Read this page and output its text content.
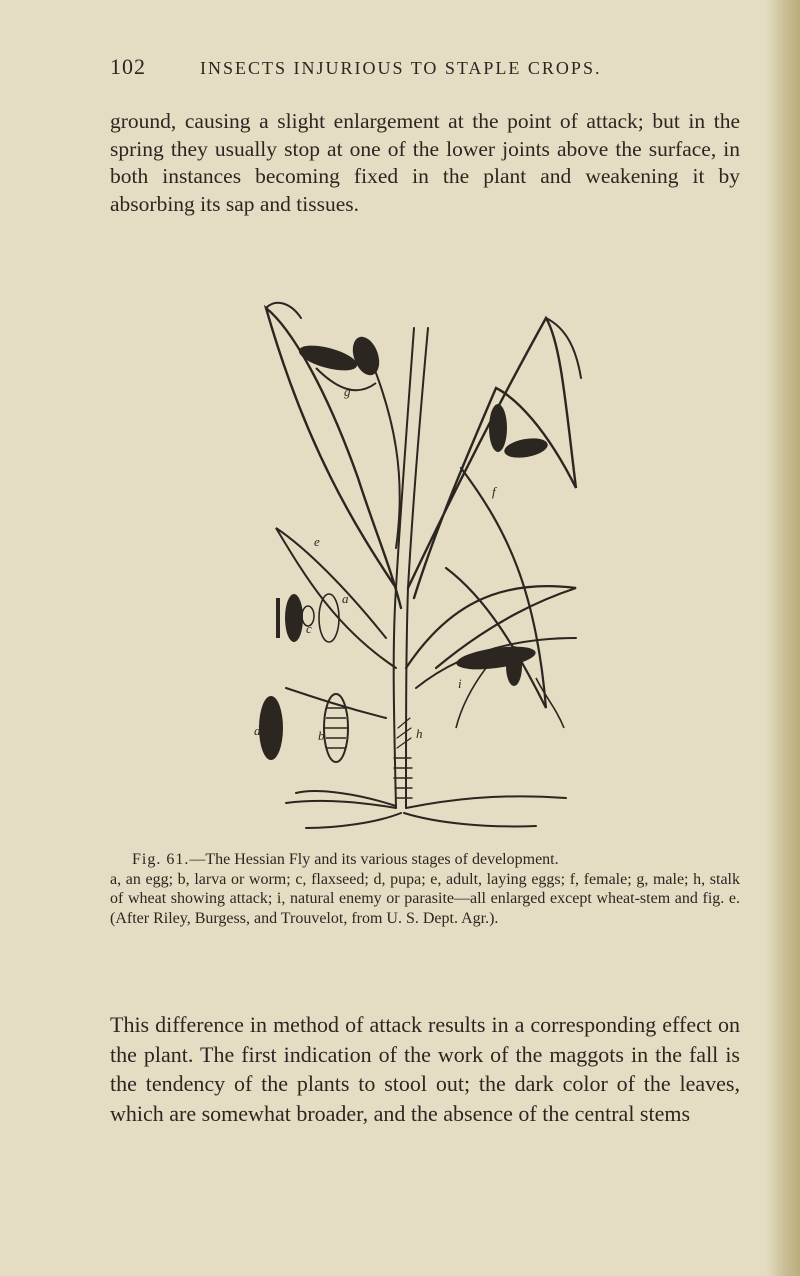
102	INSECTS INJURIOUS TO STAPLE CROPS.

ground, causing a slight enlargement at the point of attack; but in the spring they usually stop at one of the lower joints above the surface, in both instances becoming fixed in the plant and weakening it by absorbing its sap and tissues.

g
f
e
c
a
d	b
i
h

Fig. 61.—The Hessian Fly and its various stages of development.
a, an egg; b, larva or worm; c, flaxseed; d, pupa; e, adult, laying eggs; f, female; g, male; h, stalk of wheat showing attack; i, natural enemy or parasite—all enlarged except wheat-stem and fig. e. (After Riley, Burgess, and Trouvelot, from U. S. Dept. Agr.).

This difference in method of attack results in a corresponding effect on the plant. The first indication of the work of the maggots in the fall is the tendency of the plants to stool out; the dark color of the leaves, which are somewhat broader, and the absence of the central stems
